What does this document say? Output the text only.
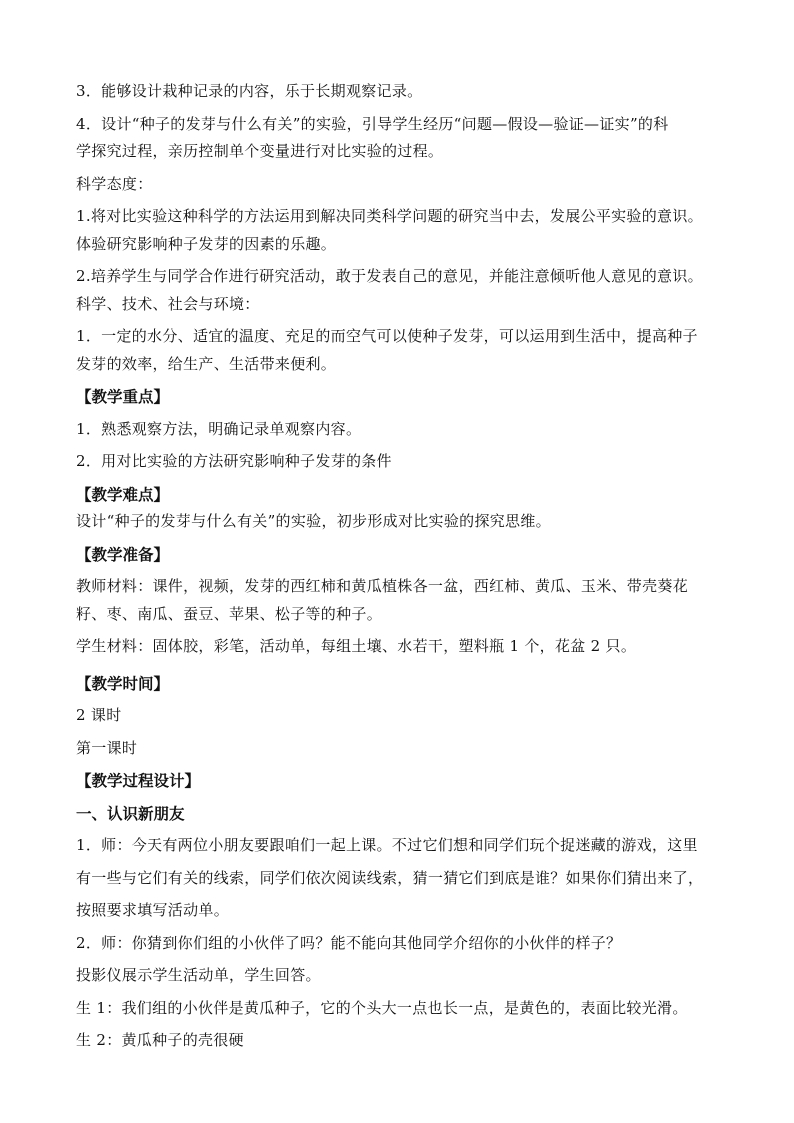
3．能够设计栽种记录的内容，乐于长期观察记录。
4．设计“种子的发芽与什么有关”的实验，引导学生经历“问题—假设—验证—证实”的科
学探究过程，亲历控制单个变量进行对比实验的过程。
科学态度：
1.将对比实验这种科学的方法运用到解决同类科学问题的研究当中去，发展公平实验的意识。
体验研究影响种子发芽的因素的乐趣。
2.培养学生与同学合作进行研究活动，敢于发表自己的意见，并能注意倾听他人意见的意识。
科学、技术、社会与环境：
1．一定的水分、适宜的温度、充足的而空气可以使种子发芽，可以运用到生活中，提高种子
发芽的效率，给生产、生活带来便利。
【教学重点】
1．熟悉观察方法，明确记录单观察内容。
2．用对比实验的方法研究影响种子发芽的条件
【教学难点】
设计“种子的发芽与什么有关”的实验，初步形成对比实验的探究思维。
【教学准备】
教师材料：课件，视频，发芽的西红柿和黄瓜植株各一盆，西红柿、黄瓜、玉米、带壳葵花
籽、枣、南瓜、蚕豆、苹果、松子等的种子。
学生材料：固体胶，彩笔，活动单，每组土壤、水若干，塑料瓶 1 个，花盆 2 只。
【教学时间】
2 课时
第一课时
【教学过程设计】
一、认识新朋友
1．师：今天有两位小朋友要跟咱们一起上课。不过它们想和同学们玩个捉迷藏的游戏，这里
有一些与它们有关的线索，同学们依次阅读线索，猜一猜它们到底是谁？如果你们猜出来了，
按照要求填写活动单。
2．师：你猜到你们组的小伙伴了吗？能不能向其他同学介绍你的小伙伴的样子？
投影仪展示学生活动单，学生回答。
生 1：我们组的小伙伴是黄瓜种子，它的个头大一点也长一点，是黄色的，表面比较光滑。
生 2：黄瓜种子的壳很硬
